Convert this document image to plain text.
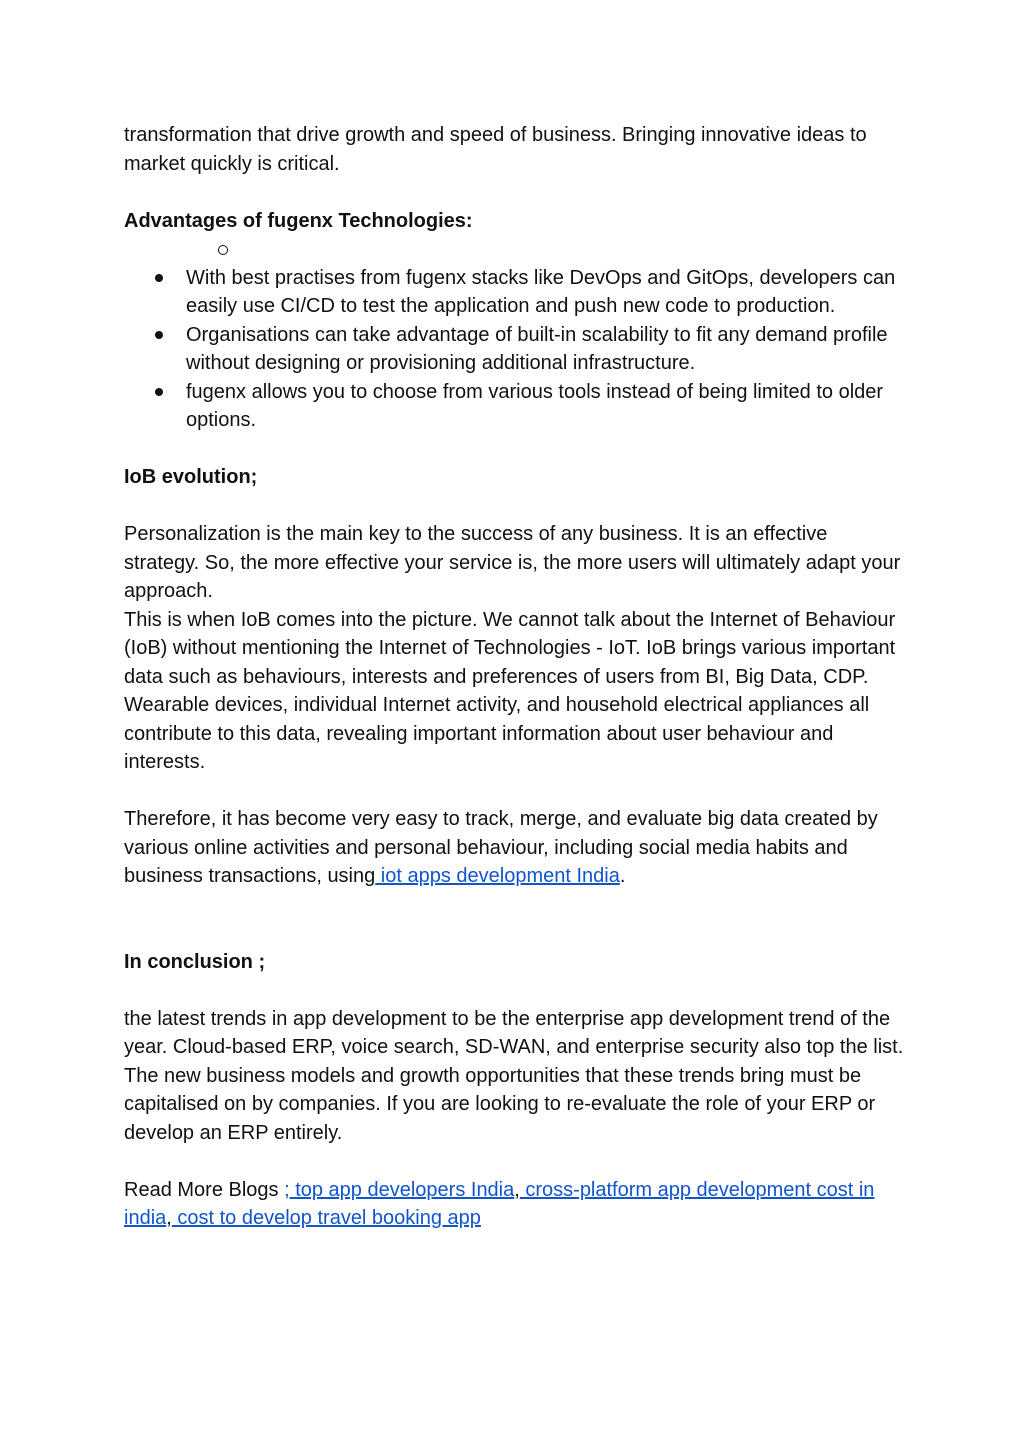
transformation that drive growth and speed of business. Bringing innovative ideas to market quickly is critical.

Advantages of fugenx Technologies:

With best practises from fugenx stacks like DevOps and GitOps, developers can easily use CI/CD to test the application and push new code to production.
Organisations can take advantage of built-in scalability to fit any demand profile without designing or provisioning additional infrastructure.
fugenx allows you to choose from various tools instead of being limited to older options.

IoB evolution;

Personalization is the main key to the success of any business. It is an effective strategy. So, the more effective your service is, the more users will ultimately adapt your approach.

This is when IoB comes into the picture. We cannot talk about the Internet of Behaviour (IoB) without mentioning the Internet of Technologies - IoT. IoB brings various important data such as behaviours, interests and preferences of users from BI, Big Data, CDP. Wearable devices, individual Internet activity, and household electrical appliances all contribute to this data, revealing important information about user behaviour and interests.

Therefore, it has become very easy to track, merge, and evaluate big data created by various online activities and personal behaviour, including social media habits and business transactions, using iot apps development India.

In conclusion ;

the latest trends in app development to be the enterprise app development trend of the year. Cloud-based ERP, voice search, SD-WAN, and enterprise security also top the list. The new business models and growth opportunities that these trends bring must be capitalised on by companies. If you are looking to re-evaluate the role of your ERP or develop an ERP entirely.

Read More Blogs ; top app developers India, cross-platform app development cost in india, cost to develop travel booking app
